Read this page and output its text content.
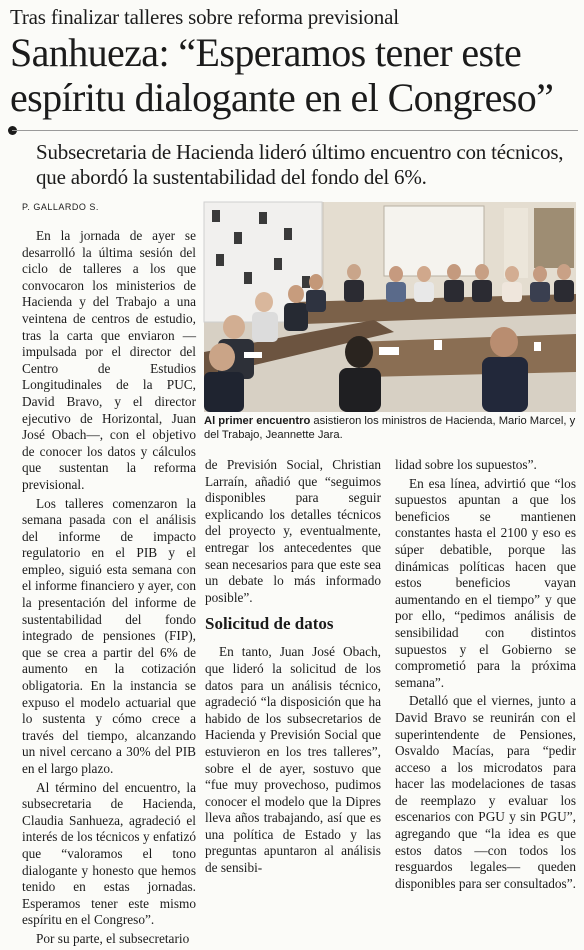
Tras finalizar talleres sobre reforma previsional
Sanhueza: “Esperamos tener este espíritu dialogante en el Congreso”
Subsecretaria de Hacienda lideró último encuentro con técnicos, que abordó la sustentabilidad del fondo del 6%.
P. GALLARDO S.
Al primer encuentro asistieron los ministros de Hacienda, Mario Marcel, y del Trabajo, Jeannette Jara.

En la jornada de ayer se desarrolló la última sesión del ciclo de talleres a los que convocaron los ministerios de Hacienda y del Trabajo a una veintena de centros de estudio, tras la carta que enviaron —impulsada por el director del Centro de Estudios Longitudinales de la PUC, David Bravo, y el director ejecutivo de Horizontal, Juan José Obach—, con el objetivo de conocer los datos y cálculos que sustentan la reforma previsional.

Los talleres comenzaron la semana pasada con el análisis del informe de impacto regulatorio en el PIB y el empleo, siguió esta semana con el informe financiero y ayer, con la presentación del informe de sustentabilidad del fondo integrado de pensiones (FIP), que se crea a partir del 6% de aumento en la cotización obligatoria. En la instancia se expuso el modelo actuarial que lo sustenta y cómo crece a través del tiempo, alcanzando un nivel cercano a 30% del PIB en el largo plazo.

Al término del encuentro, la subsecretaria de Hacienda, Claudia Sanhueza, agradeció el interés de los técnicos y enfatizó que “valoramos el tono dialogante y honesto que hemos tenido en estas jornadas. Esperamos tener este mismo espíritu en el Congreso”.

Por su parte, el subsecretario

de Previsión Social, Christian Larraín, añadió que “seguimos disponibles para seguir explicando los detalles técnicos del proyecto y, eventualmente, entregar los antecedentes que sean necesarios para que este sea un debate lo más informado posible”.

Solicitud de datos

En tanto, Juan José Obach, que lideró la solicitud de los datos para un análisis técnico, agradeció “la disposición que ha habido de los subsecretarios de Hacienda y Previsión Social que estuvieron en los tres talleres”, sobre el de ayer, sostuvo que “fue muy provechoso, pudimos conocer el modelo que la Dipres lleva años trabajando, así que es una política de Estado y las preguntas apuntaron al análisis de sensibi-

lidad sobre los supuestos”.

En esa línea, advirtió que “los supuestos apuntan a que los beneficios se mantienen constantes hasta el 2100 y eso es súper debatible, porque las dinámicas políticas hacen que estos beneficios vayan aumentando en el tiempo” y que por ello, “pedimos análisis de sensibilidad con distintos supuestos y el Gobierno se comprometió para la próxima semana”.

Detalló que el viernes, junto a David Bravo se reunirán con el superintendente de Pensiones, Osvaldo Macías, para “pedir acceso a los microdatos para hacer las modelaciones de tasas de reemplazo y evaluar los escenarios con PGU y sin PGU”, agregando que “la idea es que estos datos —con todos los resguardos legales— queden disponibles para ser consultados”.
